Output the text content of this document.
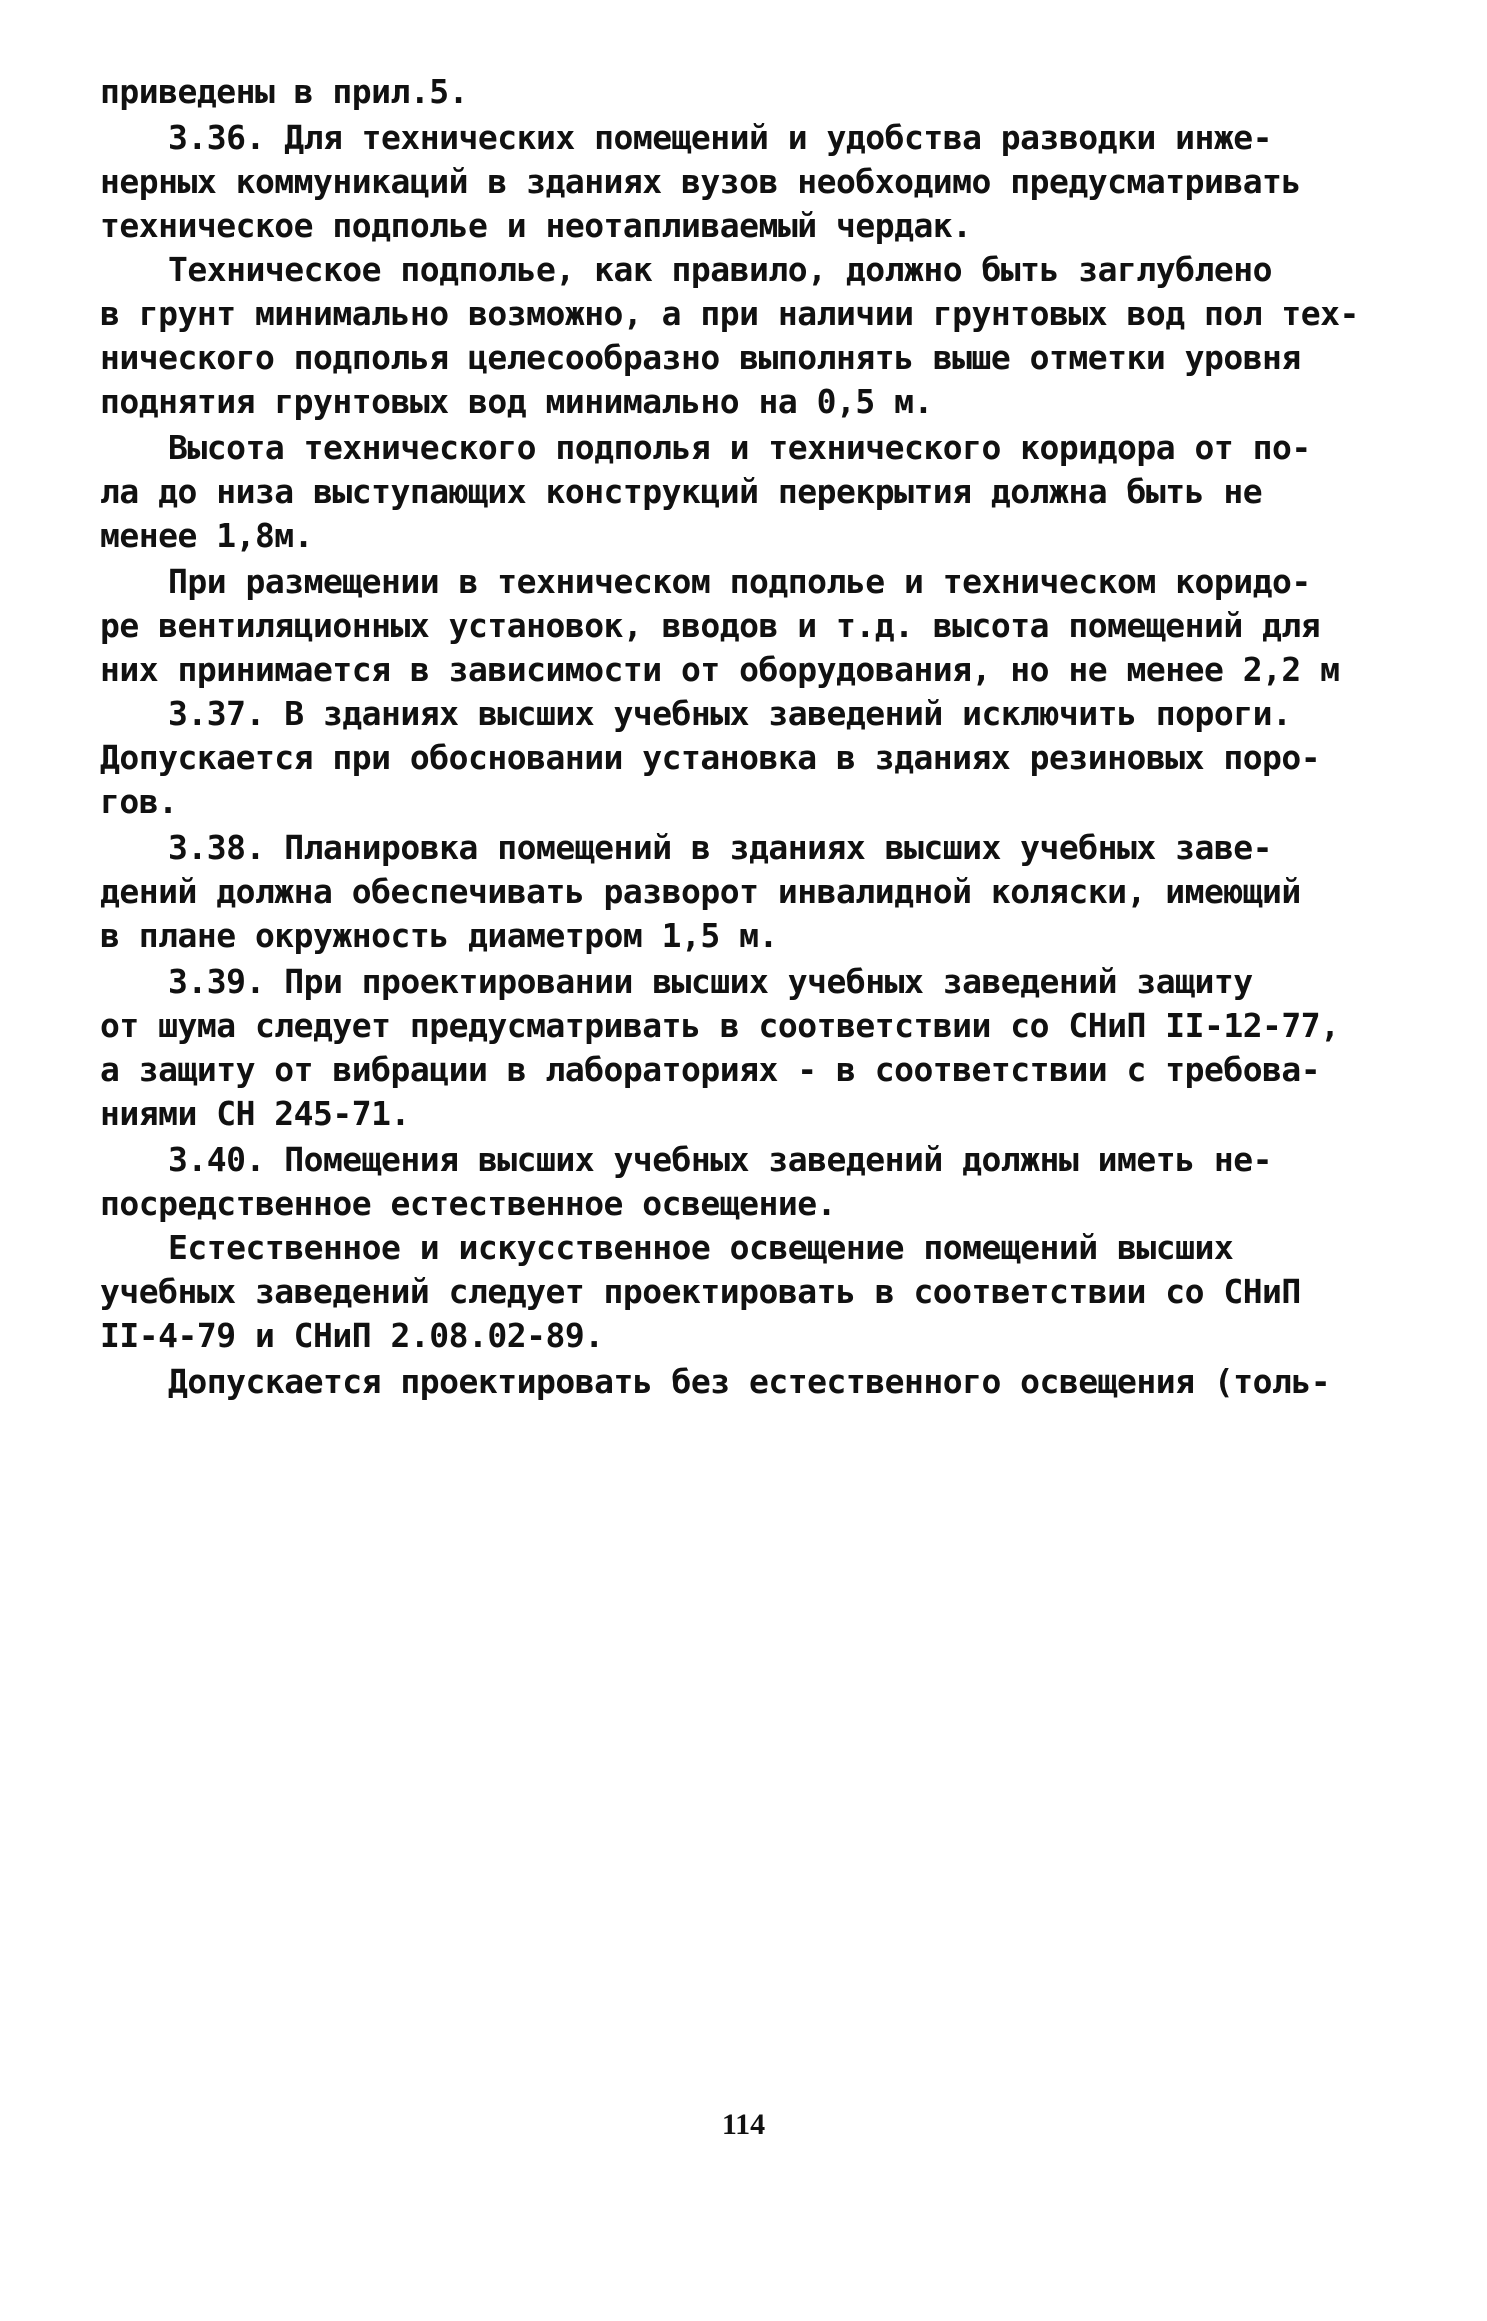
приведены в прил.5.
3.36. Для технических помещений и удобства разводки инже-
нерных коммуникаций в зданиях вузов необходимо предусматривать
техническое подполье и неотапливаемый чердак.
Техническое подполье, как правило, должно быть заглублено
в грунт минимально возможно, а при наличии грунтовых вод пол тех-
нического подполья целесообразно выполнять выше отметки уровня
поднятия грунтовых вод минимально на 0,5 м.
Высота технического подполья и технического коридора от по-
ла до низа выступающих конструкций перекрытия должна быть не
менее 1,8м.
При размещении в техническом подполье и техническом коридо-
ре вентиляционных установок, вводов и т.д. высота помещений для
них принимается в зависимости от оборудования, но не менее 2,2 м
3.37. В зданиях высших учебных заведений исключить пороги.
Допускается при обосновании установка в зданиях резиновых поро-
гов.
3.38. Планировка помещений в зданиях высших учебных заве-
дений должна обеспечивать разворот инвалидной коляски, имеющий
в плане окружность диаметром 1,5 м.
3.39. При проектировании высших учебных заведений защиту
от шума следует предусматривать в соответствии со СНиП II-12-77,
а защиту от вибрации в лабораториях - в соответствии с требова-
ниями СН 245-71.
3.40. Помещения высших учебных заведений должны иметь не-
посредственное естественное освещение.
Естественное и искусственное освещение помещений высших
учебных заведений следует проектировать в соответствии со СНиП
II-4-79 и СНиП 2.08.02-89.
Допускается проектировать без естественного освещения (толь-
114
